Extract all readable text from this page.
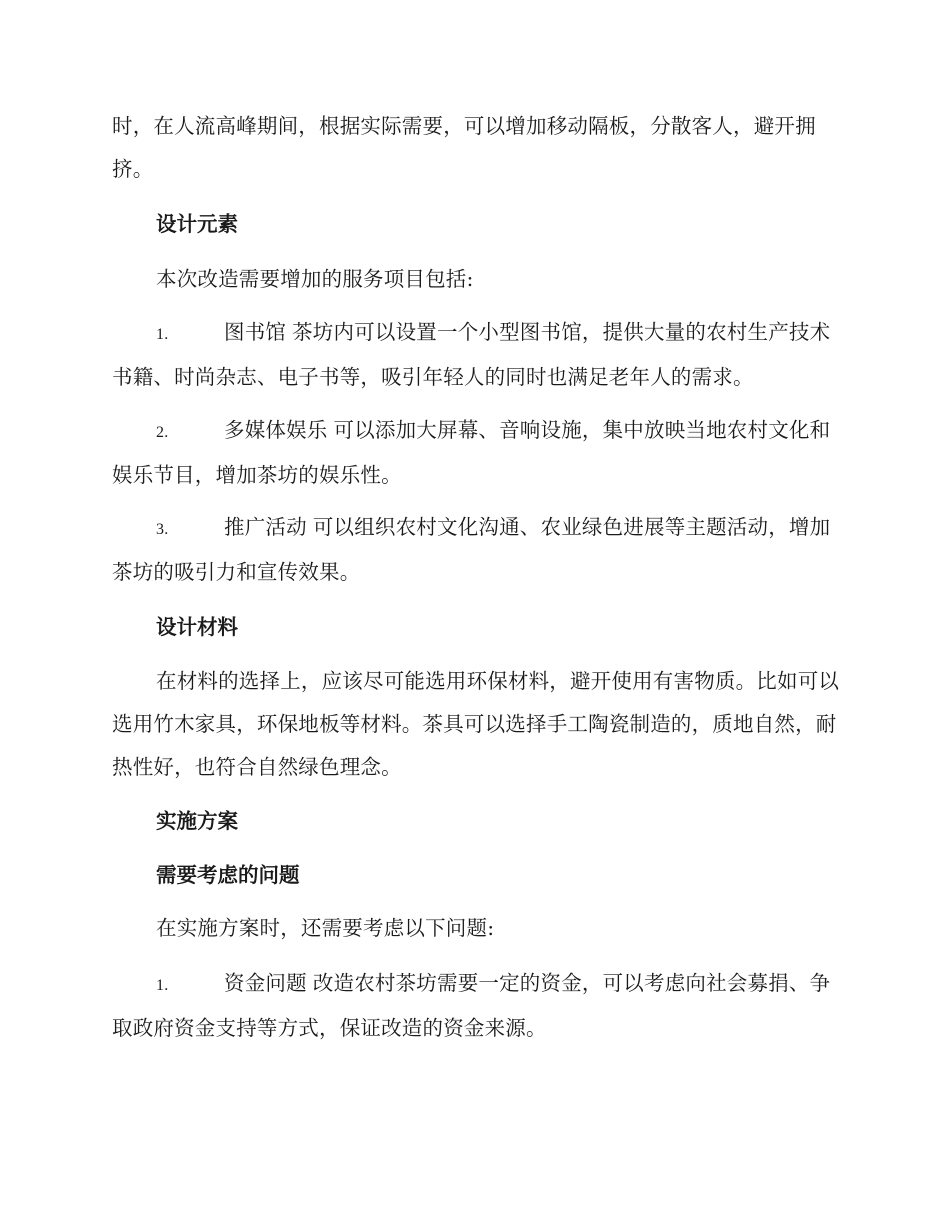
时，在人流高峰期间，根据实际需要，可以增加移动隔板，分散客人，避开拥挤。
设计元素
本次改造需要增加的服务项目包括:
1.	图书馆 茶坊内可以设置一个小型图书馆，提供大量的农村生产技术书籍、时尚杂志、电子书等，吸引年轻人的同时也满足老年人的需求。
2.	多媒体娱乐 可以添加大屏幕、音响设施，集中放映当地农村文化和娱乐节目，增加茶坊的娱乐性。
3.	推广活动 可以组织农村文化沟通、农业绿色进展等主题活动，增加茶坊的吸引力和宣传效果。
设计材料
在材料的选择上，应该尽可能选用环保材料，避开使用有害物质。比如可以选用竹木家具，环保地板等材料。茶具可以选择手工陶瓷制造的，质地自然，耐热性好，也符合自然绿色理念。
实施方案
需要考虑的问题
在实施方案时，还需要考虑以下问题:
1.	资金问题 改造农村茶坊需要一定的资金，可以考虑向社会募捐、争取政府资金支持等方式，保证改造的资金来源。
